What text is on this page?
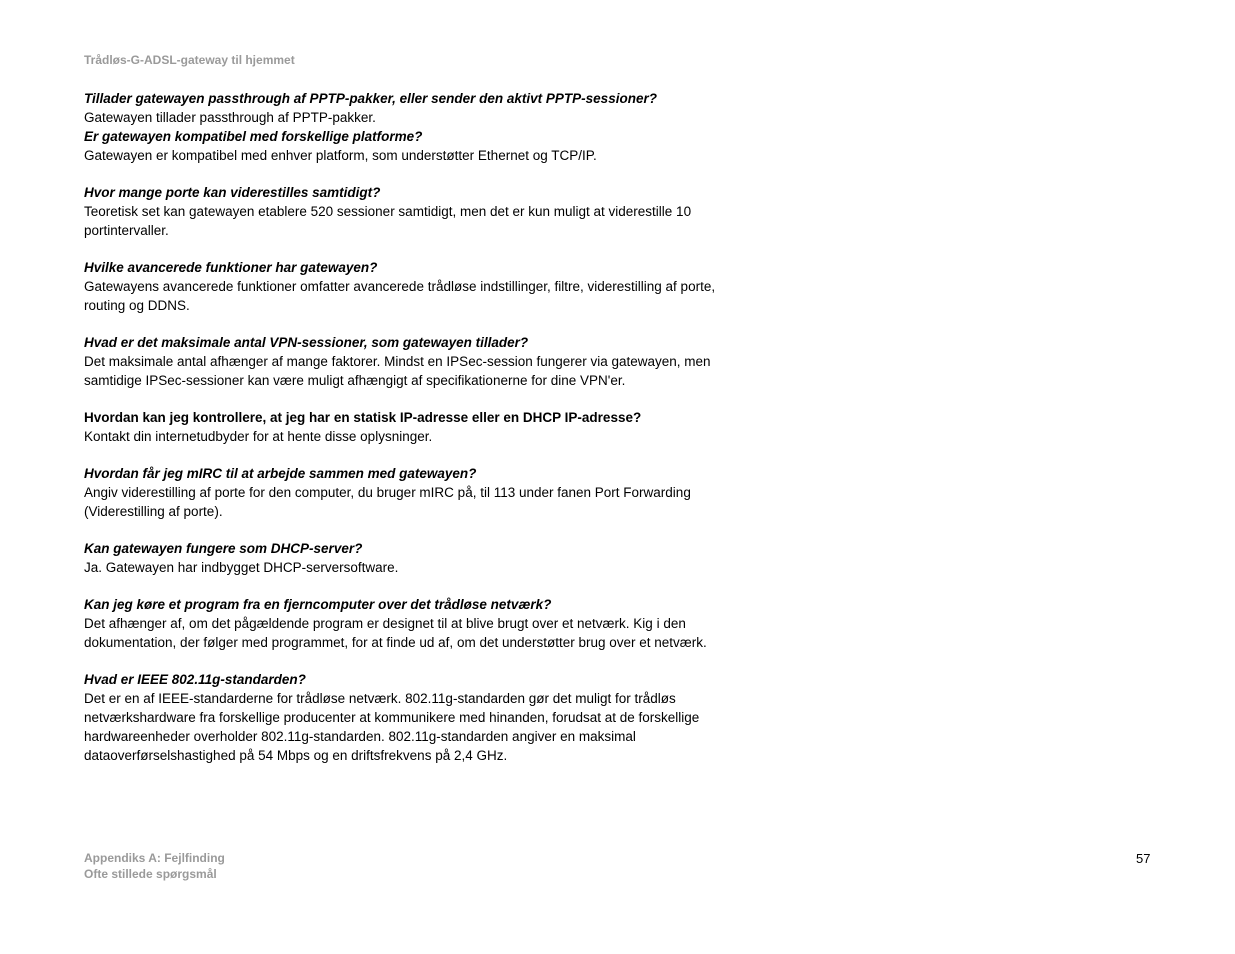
Trådløs-G-ADSL-gateway til hjemmet

Tillader gatewayen passthrough af PPTP-pakker, eller sender den aktivt PPTP-sessioner?

Gatewayen tillader passthrough af PPTP-pakker.

Er gatewayen kompatibel med forskellige platforme?

Gatewayen er kompatibel med enhver platform, som understøtter Ethernet og TCP/IP.

Hvor mange porte kan viderestilles samtidigt?

Teoretisk set kan gatewayen etablere 520 sessioner samtidigt, men det er kun muligt at viderestille 10 portintervaller.

Hvilke avancerede funktioner har gatewayen?

Gatewayens avancerede funktioner omfatter avancerede trådløse indstillinger, filtre, viderestilling af porte, routing og DDNS.

Hvad er det maksimale antal VPN-sessioner, som gatewayen tillader?

Det maksimale antal afhænger af mange faktorer. Mindst en IPSec-session fungerer via gatewayen, men samtidige IPSec-sessioner kan være muligt afhængigt af specifikationerne for dine VPN'er.

Hvordan kan jeg kontrollere, at jeg har en statisk IP-adresse eller en DHCP IP-adresse?

Kontakt din internetudbyder for at hente disse oplysninger.

Hvordan får jeg mIRC til at arbejde sammen med gatewayen?

Angiv viderestilling af porte for den computer, du bruger mIRC på, til 113 under fanen Port Forwarding (Viderestilling af porte).

Kan gatewayen fungere som DHCP-server?

Ja. Gatewayen har indbygget DHCP-serversoftware.

Kan jeg køre et program fra en fjerncomputer over det trådløse netværk?

Det afhænger af, om det pågældende program er designet til at blive brugt over et netværk. Kig i den dokumentation, der følger med programmet, for at finde ud af, om det understøtter brug over et netværk.

Hvad er IEEE 802.11g-standarden?

Det er en af IEEE-standarderne for trådløse netværk. 802.11g-standarden gør det muligt for trådløs netværkshardware fra forskellige producenter at kommunikere med hinanden, forudsat at de forskellige hardwareenheder overholder 802.11g-standarden. 802.11g-standarden angiver en maksimal dataoverførselshastighed på 54 Mbps og en driftsfrekvens på 2,4 GHz.

Appendiks A: Fejlfinding
Ofte stillede spørgsmål
57
